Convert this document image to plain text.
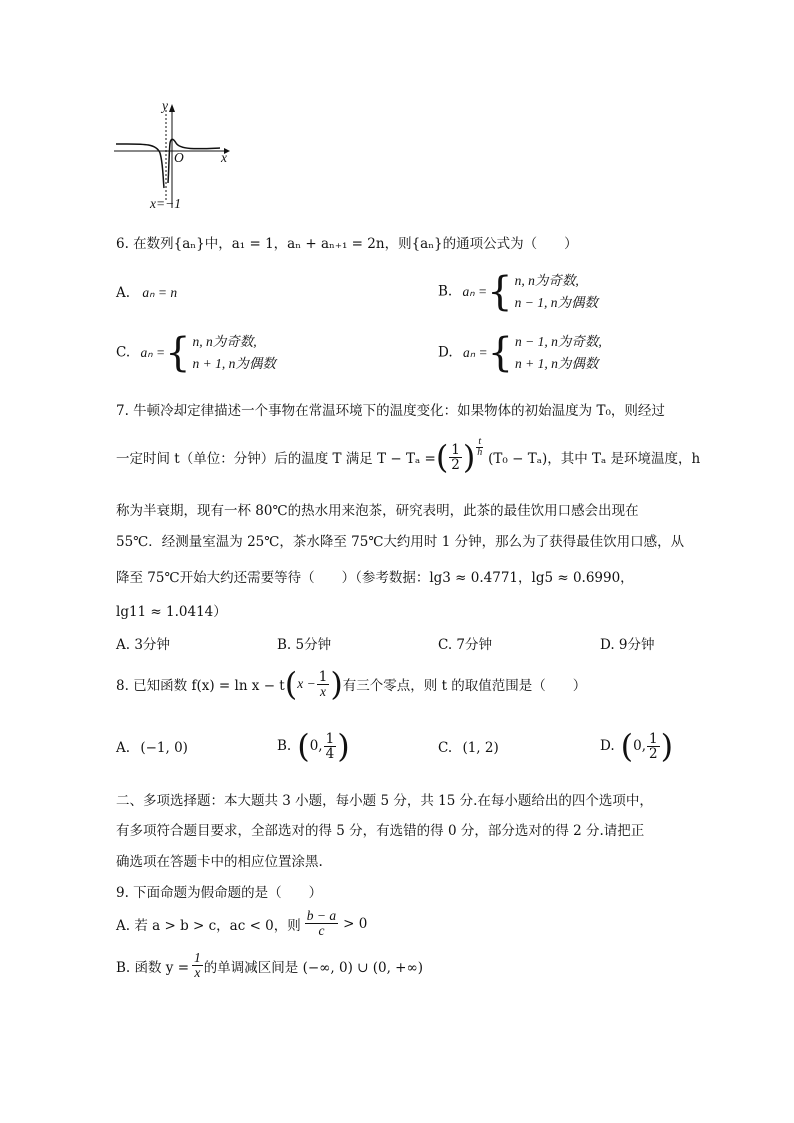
y
O	x
x=−1
6. 在数列{aₙ}中，a₁ = 1，aₙ + aₙ₊₁ = 2n，则{aₙ}的通项公式为（　　）
A. aₙ = n	B. aₙ = { n, n为奇数,
n − 1, n为偶数
C. aₙ = { n, n为奇数,
n + 1, n为偶数
D. aₙ = { n − 1, n为奇数,
n + 1, n为偶数
7. 牛顿冷却定律描述一个事物在常温环境下的温度变化：如果物体的初始温度为 T₀，则经过
一定时间 t（单位：分钟）后的温度 T 满足 T − Tₐ = ( $\frac{1}{2}$ ) $\frac{t}{h}$
(T₀ − Tₐ)，其中 Tₐ 是环境温度，h
称为半衰期，现有一杯 80℃的热水用来泡茶，研究表明，此茶的最佳饮用口感会出现在
55℃．经测量室温为 25℃，茶水降至 75℃大约用时 1 分钟，那么为了获得最佳饮用口感，从
降至 75℃开始大约还需要等待（　　）（参考数据：lg3 ≈ 0.4771，lg5 ≈ 0.6990，
lg11 ≈ 1.0414）
A. 3分钟	B. 5分钟	C. 7分钟	D. 9分钟
8. 已知函数 f(x) = ln x − t ( $x - \frac{1}{x}$ ) 有三个零点，则 t 的取值范围是（　　）
A. (−1, 0)	B. ( 0, $\frac{1}{4}$ )	C. (1, 2)	D. ( 0, $\frac{1}{2}$ )
二、多项选择题：本大题共 3 小题，每小题 5 分，共 15 分.在每小题给出的四个选项中，
有多项符合题目要求，全部选对的得 5 分，有选错的得 0 分，部分选对的得 2 分.请把正
确选项在答题卡中的相应位置涂黑.
9. 下面命题为假命题的是（　　）
A. 若 a > b > c，ac < 0，则 $\frac{b - a}{c} > 0$
B. 函数 $y = \frac{1}{x}$ 的单调减区间是 (−∞, 0) ∪ (0, +∞)
